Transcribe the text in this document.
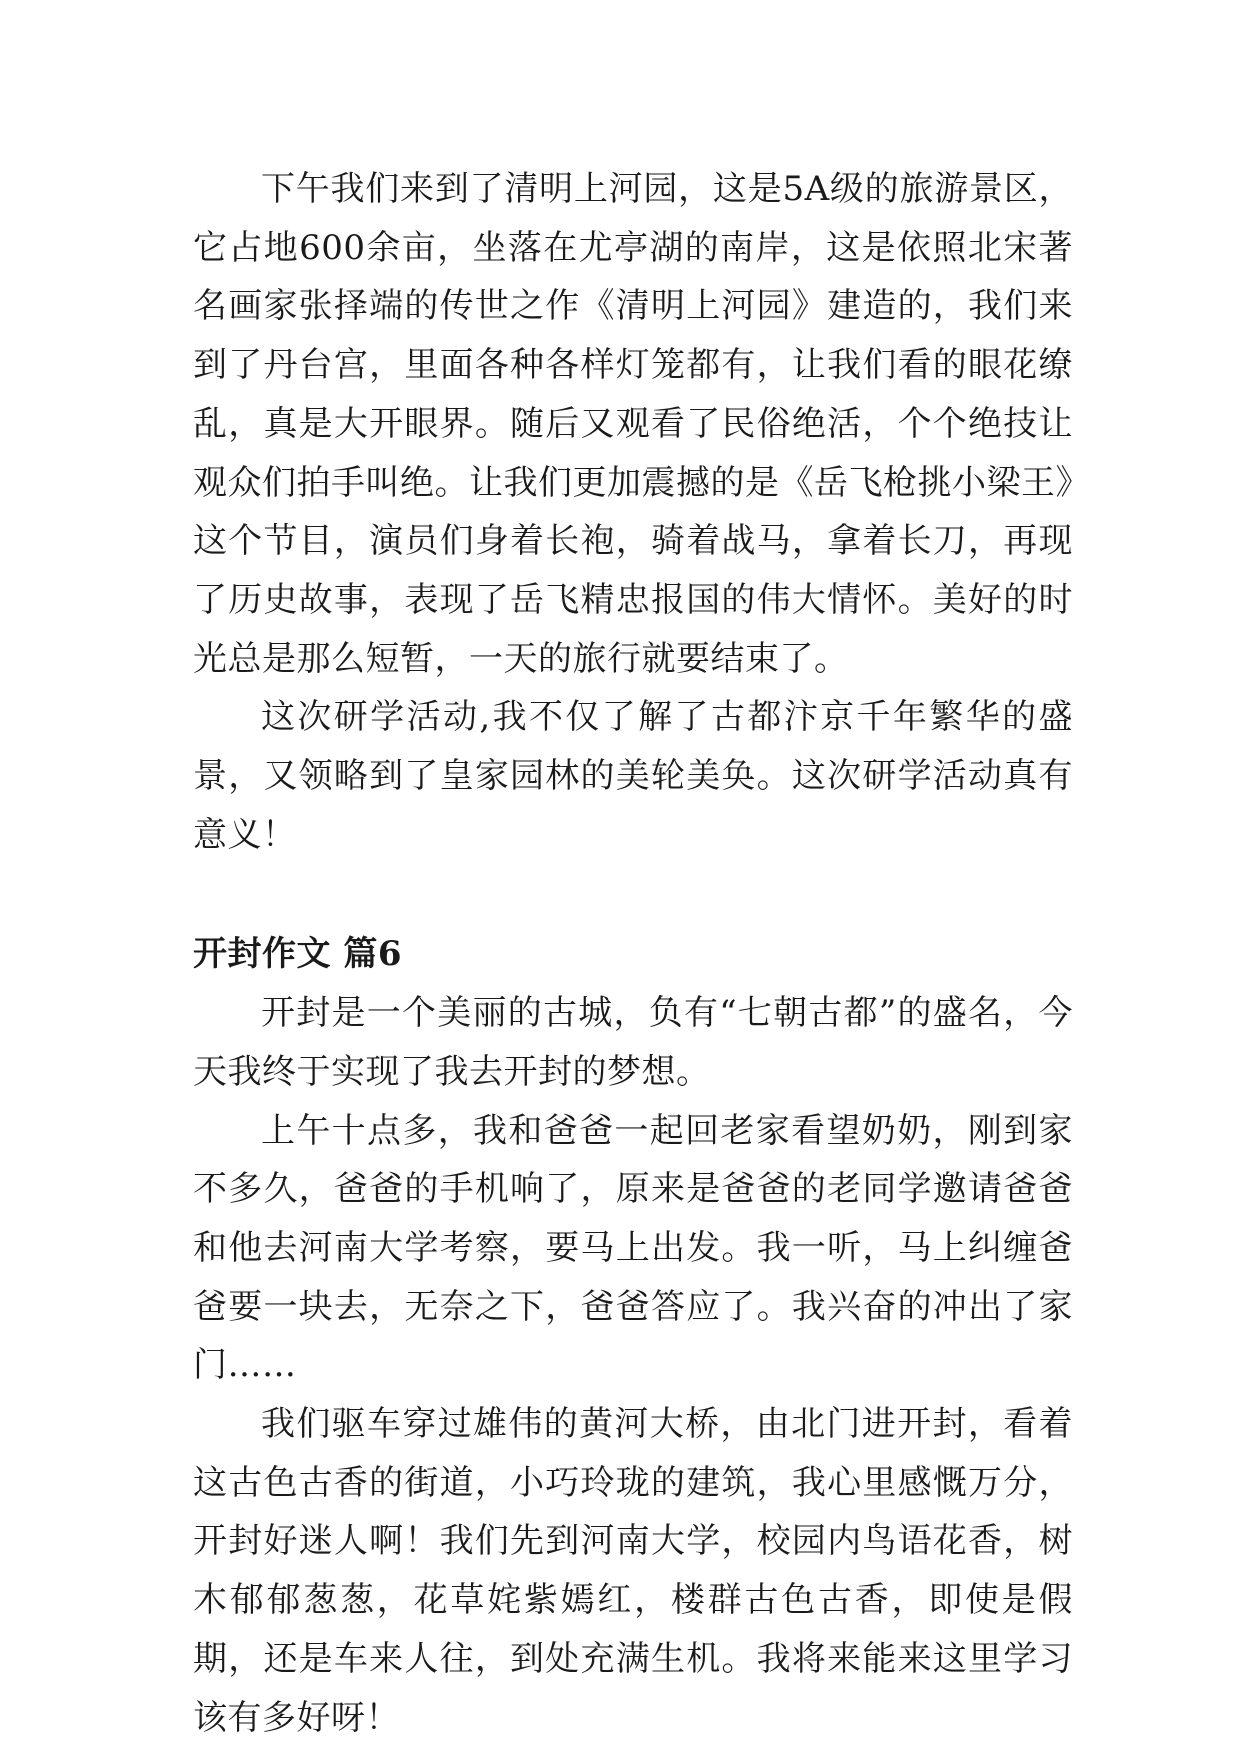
下午我们来到了清明上河园，这是5A级的旅游景区，它占地600余亩，坐落在尤亭湖的南岸，这是依照北宋著名画家张择端的传世之作《清明上河园》建造的，我们来到了丹台宫，里面各种各样灯笼都有，让我们看的眼花缭乱，真是大开眼界。随后又观看了民俗绝活，个个绝技让观众们拍手叫绝。让我们更加震撼的是《岳飞枪挑小梁王》这个节目，演员们身着长袍，骑着战马，拿着长刀，再现了历史故事，表现了岳飞精忠报国的伟大情怀。美好的时光总是那么短暂，一天的旅行就要结束了。

这次研学活动,我不仅了解了古都汴京千年繁华的盛景，又领略到了皇家园林的美轮美奂。这次研学活动真有意义！

开封作文 篇6

开封是一个美丽的古城，负有“七朝古都”的盛名，今天我终于实现了我去开封的梦想。

上午十点多，我和爸爸一起回老家看望奶奶，刚到家不多久，爸爸的手机响了，原来是爸爸的老同学邀请爸爸和他去河南大学考察，要马上出发。我一听，马上纠缠爸爸要一块去，无奈之下，爸爸答应了。我兴奋的冲出了家门……

我们驱车穿过雄伟的黄河大桥，由北门进开封，看着这古色古香的街道，小巧玲珑的建筑，我心里感慨万分，开封好迷人啊！我们先到河南大学，校园内鸟语花香，树木郁郁葱葱，花草姹紫嫣红，楼群古色古香，即使是假期，还是车来人往，到处充满生机。我将来能来这里学习该有多好呀！
